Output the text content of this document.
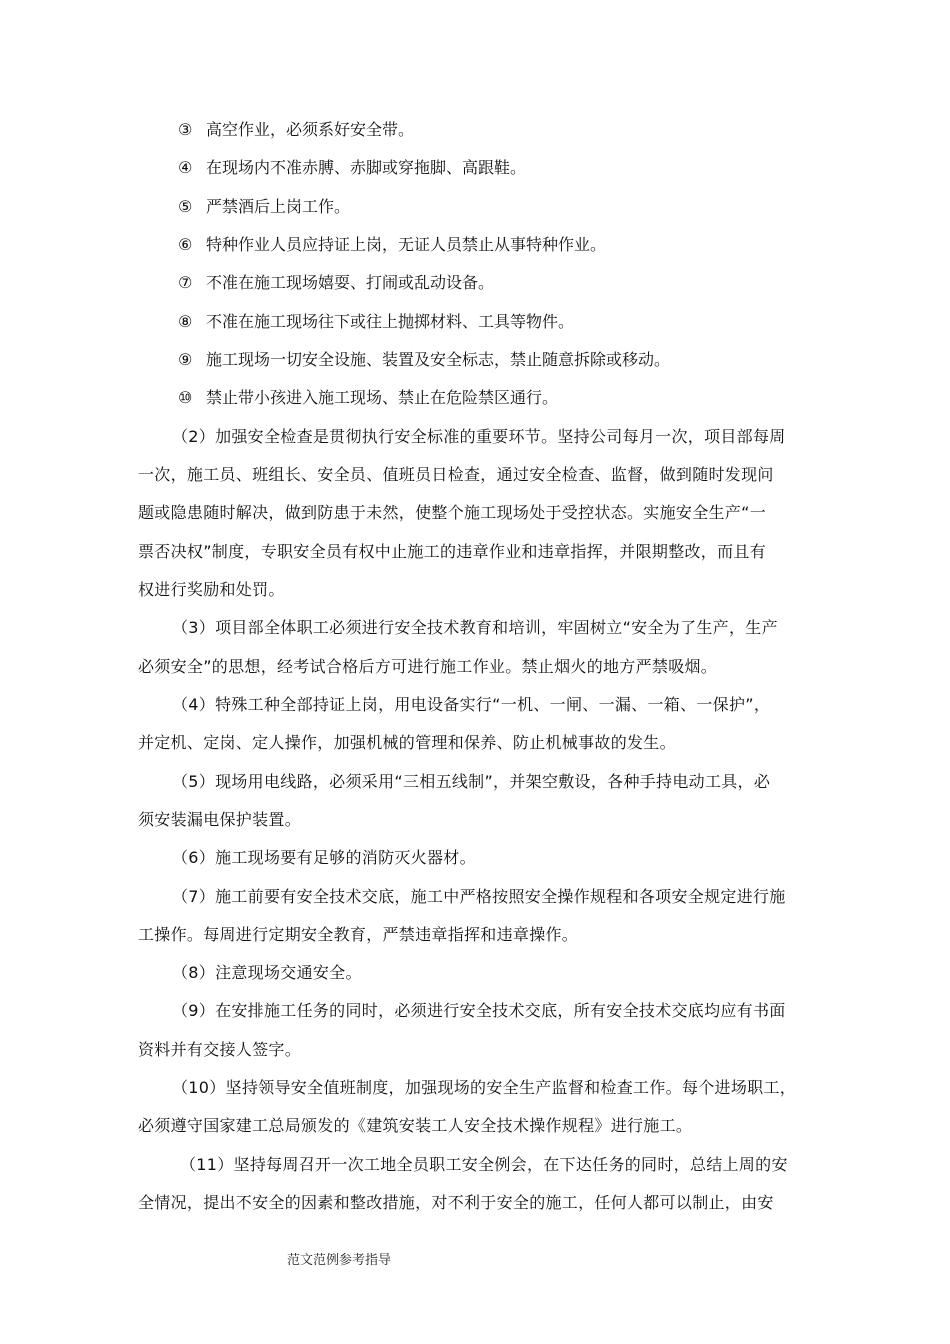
③ 高空作业，必须系好安全带。
④ 在现场内不准赤膊、赤脚或穿拖脚、高跟鞋。
⑤ 严禁酒后上岗工作。
⑥ 特种作业人员应持证上岗，无证人员禁止从事特种作业。
⑦ 不准在施工现场嬉耍、打闹或乱动设备。
⑧ 不准在施工现场往下或往上抛掷材料、工具等物件。
⑨ 施工现场一切安全设施、装置及安全标志，禁止随意拆除或移动。
⑩ 禁止带小孩进入施工现场、禁止在危险禁区通行。
（2）加强安全检查是贯彻执行安全标准的重要环节。坚持公司每月一次，项目部每周
一次，施工员、班组长、安全员、值班员日检查，通过安全检查、监督，做到随时发现问
题或隐患随时解决，做到防患于未然，使整个施工现场处于受控状态。实施安全生产“一
票否决权”制度，专职安全员有权中止施工的违章作业和违章指挥，并限期整改，而且有
权进行奖励和处罚。
（3）项目部全体职工必须进行安全技术教育和培训，牢固树立“安全为了生产，生产
必须安全”的思想，经考试合格后方可进行施工作业。禁止烟火的地方严禁吸烟。
（4）特殊工种全部持证上岗，用电设备实行“一机、一闸、一漏、一箱、一保护”，
并定机、定岗、定人操作，加强机械的管理和保养、防止机械事故的发生。
（5）现场用电线路，必须采用“三相五线制”，并架空敷设，各种手持电动工具，必
须安装漏电保护装置。
（6）施工现场要有足够的消防灭火器材。
（7）施工前要有安全技术交底，施工中严格按照安全操作规程和各项安全规定进行施
工操作。每周进行定期安全教育，严禁违章指挥和违章操作。
（8）注意现场交通安全。
（9）在安排施工任务的同时，必须进行安全技术交底，所有安全技术交底均应有书面
资料并有交接人签字。
（10）坚持领导安全值班制度，加强现场的安全生产监督和检查工作。每个进场职工，
必须遵守国家建工总局颁发的《建筑安装工人安全技术操作规程》进行施工。
（11）坚持每周召开一次工地全员职工安全例会，在下达任务的同时，总结上周的安
全情况，提出不安全的因素和整改措施，对不利于安全的施工，任何人都可以制止，由安
范文范例参考指导
